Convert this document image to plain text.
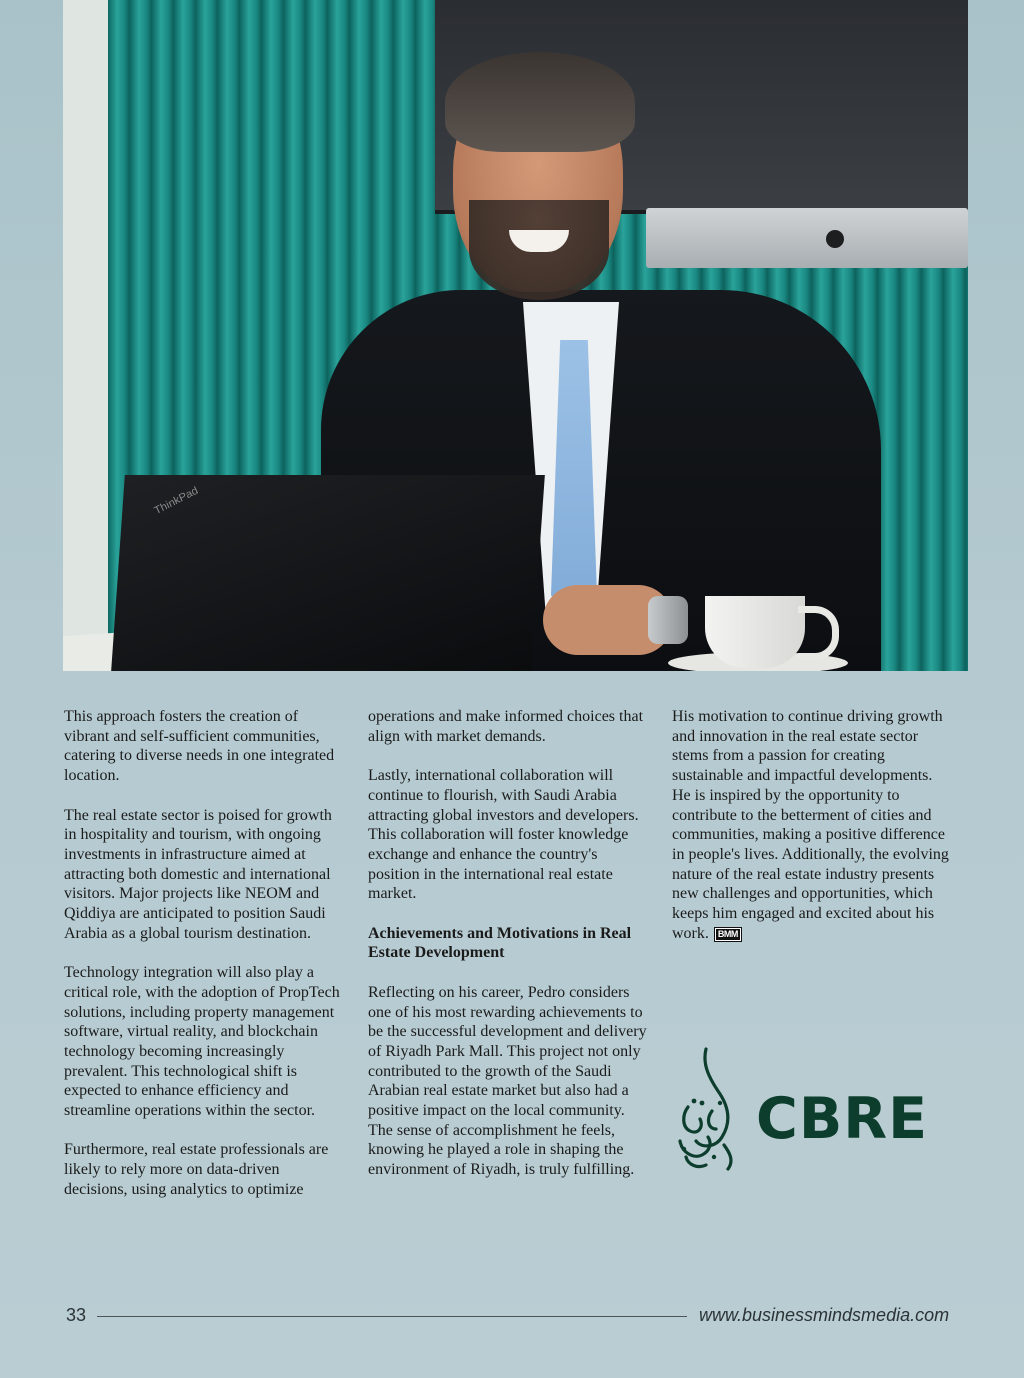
ThinkPad

This approach fosters the creation of vibrant and self-sufficient communities, catering to diverse needs in one integrated location.

The real estate sector is poised for growth in hospitality and tourism, with ongoing investments in infrastructure aimed at attracting both domestic and international visitors. Major projects like NEOM and Qiddiya are anticipated to position Saudi Arabia as a global tourism destination.

Technology integration will also play a critical role, with the adoption of PropTech solutions, including property management software, virtual reality, and blockchain technology becoming increasingly prevalent. This technological shift is expected to enhance efficiency and streamline operations within the sector.

Furthermore, real estate professionals are likely to rely more on data-driven decisions, using analytics to optimize

operations and make informed choices that align with market demands.

Lastly, international collaboration will continue to flourish, with Saudi Arabia attracting global investors and developers. This collaboration will foster knowledge exchange and enhance the country's position in the international real estate market.

Achievements and Motivations in Real Estate Development

Reflecting on his career, Pedro considers one of his most rewarding achievements to be the successful development and delivery of Riyadh Park Mall. This project not only contributed to the growth of the Saudi Arabian real estate market but also had a positive impact on the local community. The sense of accomplishment he feels, knowing he played a role in shaping the environment of Riyadh, is truly fulfilling.

His motivation to continue driving growth and innovation in the real estate sector stems from a passion for creating sustainable and impactful developments. He is inspired by the opportunity to contribute to the betterment of cities and communities, making a positive difference in people's lives. Additionally, the evolving nature of the real estate industry presents new challenges and opportunities, which keeps him engaged and excited about his work. BMM

CBRE
33	www.businessmindsmedia.com
